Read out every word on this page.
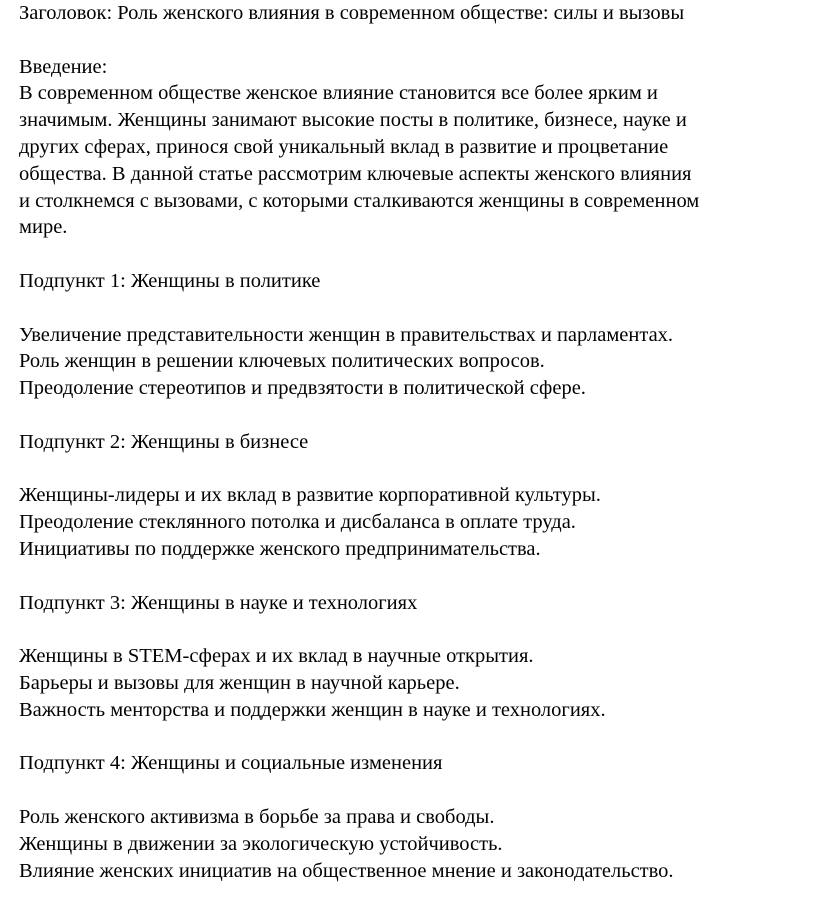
Заголовок: Роль женского влияния в современном обществе: силы и вызовы

Введение:

В современном обществе женское влияние становится все более ярким и

значимым. Женщины занимают высокие посты в политике, бизнесе, науке и

других сферах, принося свой уникальный вклад в развитие и процветание

общества. В данной статье рассмотрим ключевые аспекты женского влияния

и столкнемся с вызовами, с которыми сталкиваются женщины в современном

мире.

Подпункт 1: Женщины в политике

Увеличение представительности женщин в правительствах и парламентах.

Роль женщин в решении ключевых политических вопросов.

Преодоление стереотипов и предвзятости в политической сфере.

Подпункт 2: Женщины в бизнесе

Женщины-лидеры и их вклад в развитие корпоративной культуры.

Преодоление стеклянного потолка и дисбаланса в оплате труда.

Инициативы по поддержке женского предпринимательства.

Подпункт 3: Женщины в науке и технологиях

Женщины в STEM-сферах и их вклад в научные открытия.

Барьеры и вызовы для женщин в научной карьере.

Важность менторства и поддержки женщин в науке и технологиях.

Подпункт 4: Женщины и социальные изменения

Роль женского активизма в борьбе за права и свободы.

Женщины в движении за экологическую устойчивость.

Влияние женских инициатив на общественное мнение и законодательство.
